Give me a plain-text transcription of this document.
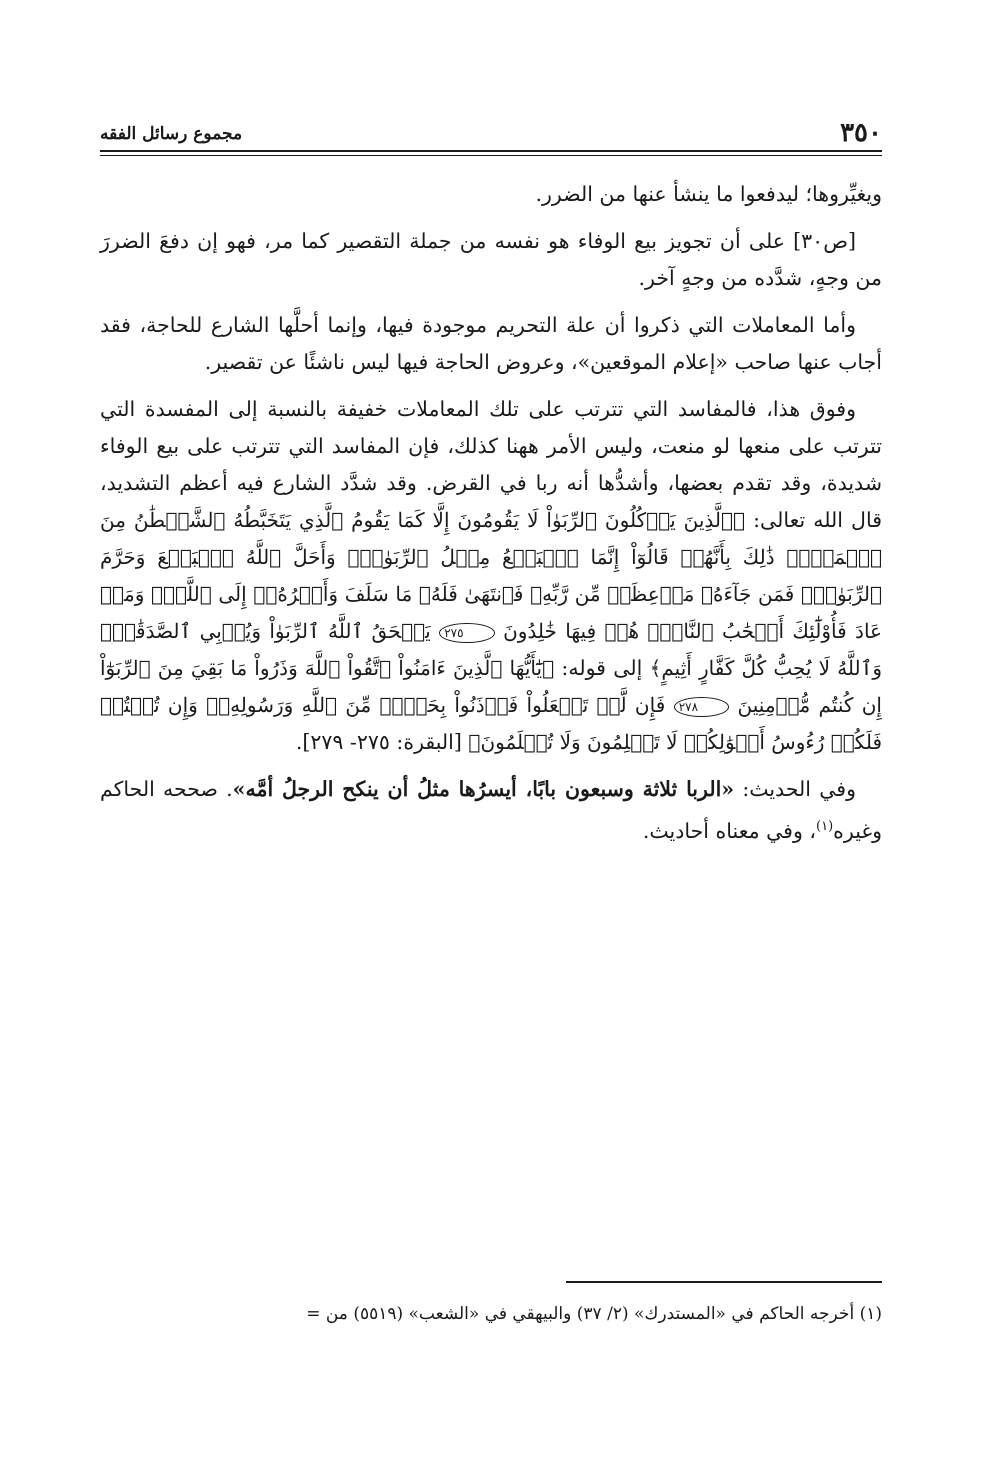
٣٥٠
مجموع رسائل الفقه

ويغيِّروها؛ ليدفعوا ما ينشأ عنها من الضرر.

[ص٣٠] على أن تجويز بيع الوفاء هو نفسه من جملة التقصير كما مر، فهو إن دفعَ الضررَ من وجهٍ، شدَّده من وجهٍ آخر.

وأما المعاملات التي ذكروا أن علة التحريم موجودة فيها، وإنما أحلَّها الشارع للحاجة، فقد أجاب عنها صاحب «إعلام الموقعين»، وعروض الحاجة فيها ليس ناشئًا عن تقصير.

وفوق هذا، فالمفاسد التي تترتب على تلك المعاملات خفيفة بالنسبة إلى المفسدة التي تترتب على منعها لو منعت، وليس الأمر ههنا كذلك، فإن المفاسد التي تترتب على بيع الوفاء شديدة، وقد تقدم بعضها، وأشدُّها أنه ربا في القرض. وقد شدَّد الشارع فيه أعظم التشديد، قال الله تعالى: ﴿ٱلَّذِينَ يَأۡكُلُونَ ٱلرِّبَوٰاْ لَا يَقُومُونَ إِلَّا كَمَا يَقُومُ ٱلَّذِي يَتَخَبَّطُهُ ٱلشَّيۡطَٰنُ مِنَ ٱلۡمَسِّۚ ذَٰلِكَ بِأَنَّهُمۡ قَالُوٓاْ إِنَّمَا ٱلۡبَيۡعُ مِثۡلُ ٱلرِّبَوٰاْۗ وَأَحَلَّ ٱللَّهُ ٱلۡبَيۡعَ وَحَرَّمَ ٱلرِّبَوٰاْۚ فَمَن جَآءَهُۥ مَوۡعِظَةٞ مِّن رَّبِّهِۦ فَٱنتَهَىٰ فَلَهُۥ مَا سَلَفَ وَأَمۡرُهُۥٓ إِلَى ٱللَّهِۖ وَمَنۡ عَادَ فَأُوْلَٰٓئِكَ أَصۡحَٰبُ ٱلنَّارِۖ هُمۡ فِيهَا خَٰلِدُونَ ٢٧٥ يَمۡحَقُ ٱللَّهُ ٱلرِّبَوٰاْ وَيُرۡبِي ٱلصَّدَقَٰتِۗ وَٱللَّهُ لَا يُحِبُّ كُلَّ كَفَّارٍ أَثِيمٍ﴾ إلى قوله: ﴿يَٰٓأَيُّهَا ٱلَّذِينَ ءَامَنُواْ ٱتَّقُواْ ٱللَّهَ وَذَرُواْ مَا بَقِيَ مِنَ ٱلرِّبَوٰٓاْ إِن كُنتُم مُّؤۡمِنِينَ ٢٧٨ فَإِن لَّمۡ تَفۡعَلُواْ فَأۡذَنُواْ بِحَرۡبٖ مِّنَ ٱللَّهِ وَرَسُولِهِۦۖ وَإِن تُبۡتُمۡ فَلَكُمۡ رُءُوسُ أَمۡوَٰلِكُمۡ لَا تَظۡلِمُونَ وَلَا تُظۡلَمُونَ﴾ [البقرة: ٢٧٥- ٢٧٩].

وفي الحديث: «الربا ثلاثة وسبعون بابًا، أيسرُها مثلُ أن ينكح الرجلُ أمَّه». صححه الحاكم وغيره$^{(١)}$، وفي معناه أحاديث.

(١) أخرجه الحاكم في «المستدرك» (٢/ ٣٧) والبيهقي في «الشعب» (٥٥١٩) من =
